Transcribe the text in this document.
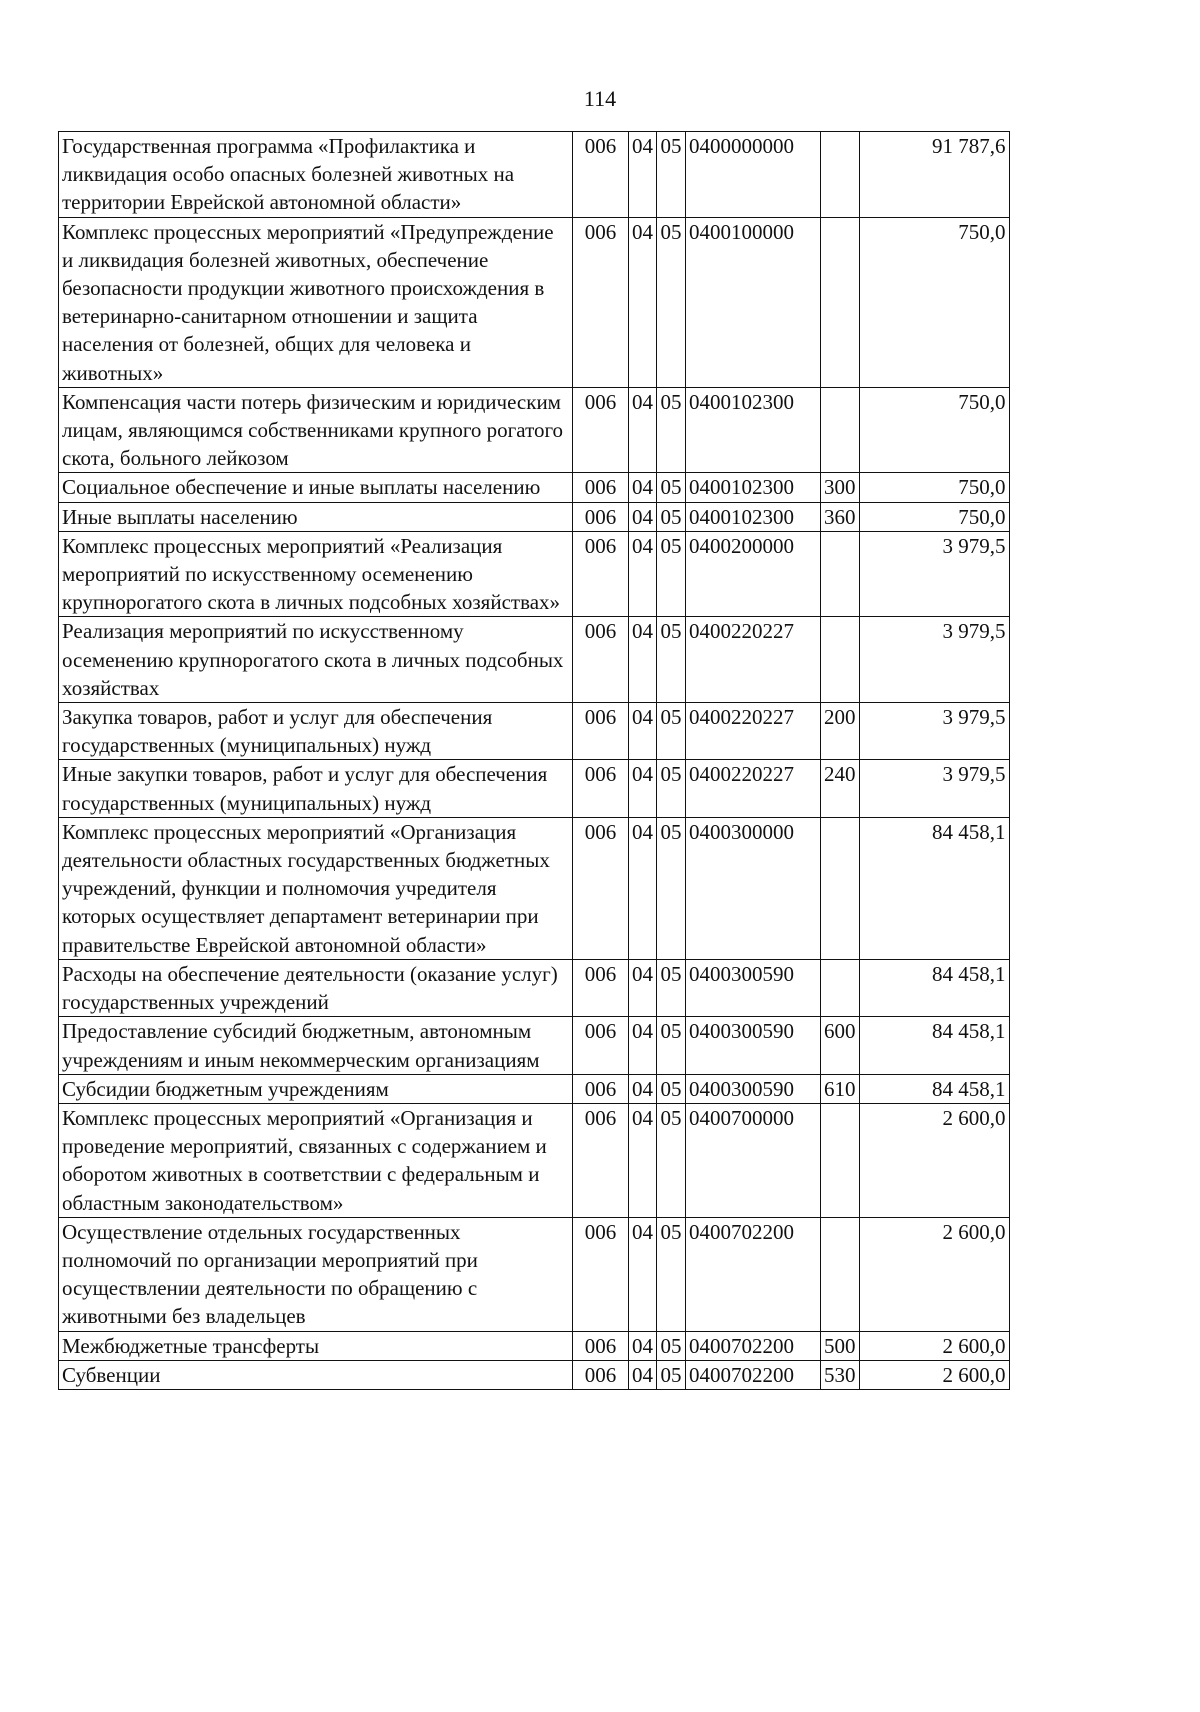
114
Государственная программа «Профилактика и ликвидация особо опасных болезней животных на территории Еврейской автономной области»	006	04	05	0400000000		91 787,6
Комплекс процессных мероприятий «Предупреждение и ликвидация болезней животных, обеспечение безопасности продукции животного происхождения в ветеринарно-санитарном отношении и защита населения от болезней, общих для человека и животных»	006	04	05	0400100000		750,0
Компенсация части потерь физическим и юридическим лицам, являющимся собственниками крупного рогатого скота, больного лейкозом	006	04	05	0400102300		750,0
Социальное обеспечение и иные выплаты населению	006	04	05	0400102300	300	750,0
Иные выплаты населению	006	04	05	0400102300	360	750,0
Комплекс процессных мероприятий «Реализация мероприятий по искусственному осеменению крупнорогатого скота в личных подсобных хозяйствах»	006	04	05	0400200000		3 979,5
Реализация мероприятий по искусственному осеменению крупнорогатого скота в личных подсобных хозяйствах	006	04	05	0400220227		3 979,5
Закупка товаров, работ и услуг для обеспечения государственных (муниципальных) нужд	006	04	05	0400220227	200	3 979,5
Иные закупки товаров, работ и услуг для обеспечения государственных (муниципальных) нужд	006	04	05	0400220227	240	3 979,5
Комплекс процессных мероприятий «Организация деятельности областных государственных бюджетных учреждений, функции и полномочия учредителя которых осуществляет департамент ветеринарии при правительстве Еврейской автономной области»	006	04	05	0400300000		84 458,1
Расходы на обеспечение деятельности (оказание услуг) государственных учреждений	006	04	05	0400300590		84 458,1
Предоставление субсидий бюджетным, автономным учреждениям и иным некоммерческим организациям	006	04	05	0400300590	600	84 458,1
Субсидии бюджетным учреждениям	006	04	05	0400300590	610	84 458,1
Комплекс процессных мероприятий «Организация и проведение мероприятий, связанных с содержанием и оборотом животных в соответствии с федеральным и областным законодательством»	006	04	05	0400700000		2 600,0
Осуществление отдельных государственных полномочий по организации мероприятий при осуществлении деятельности по обращению с животными без владельцев	006	04	05	0400702200		2 600,0
Межбюджетные трансферты	006	04	05	0400702200	500	2 600,0
Субвенции	006	04	05	0400702200	530	2 600,0
